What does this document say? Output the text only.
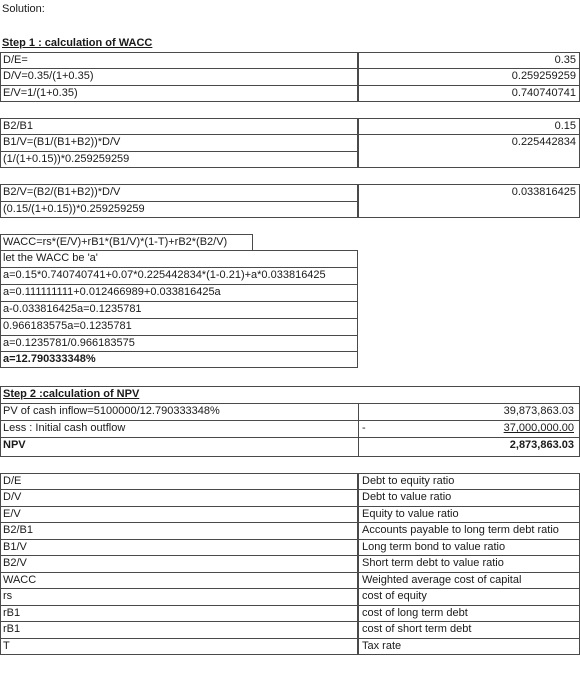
Solution:
Step 1 : calculation of WACC
D/E=	0.35
D/V=0.35/(1+0.35)	0.259259259
E/V=1/(1+0.35)	0.740740741
B2/B1	0.15
B1/V=(B1/(B1+B2))*D/V	0.225442834
(1/(1+0.15))*0.259259259
B2/V=(B2/(B1+B2))*D/V	0.033816425
(0.15/(1+0.15))*0.259259259
WACC=rs*(E/V)+rB1*(B1/V)*(1-T)+rB2*(B2/V)
let the WACC be 'a'
a=0.15*0.740740741+0.07*0.225442834*(1-0.21)+a*0.033816425
a=0.111111111+0.012466989+0.033816425a
a-0.033816425a=0.1235781
0.966183575a=0.1235781
a=0.1235781/0.966183575
a=12.790333348%
Step 2 :calculation of NPV
PV of cash inflow=5100000/12.790333348%	39,873,863.03
Less : Initial cash outflow	-	37,000,000.00
NPV	2,873,863.03
D/E	Debt to equity ratio
D/V	Debt to value ratio
E/V	Equity to value ratio
B2/B1	Accounts payable to long term debt ratio
B1/V	Long term bond to value ratio
B2/V	Short term debt to value ratio
WACC	Weighted average cost of capital
rs	cost of equity
rB1	cost of long term debt
rB1	cost of short term debt
T	Tax rate
